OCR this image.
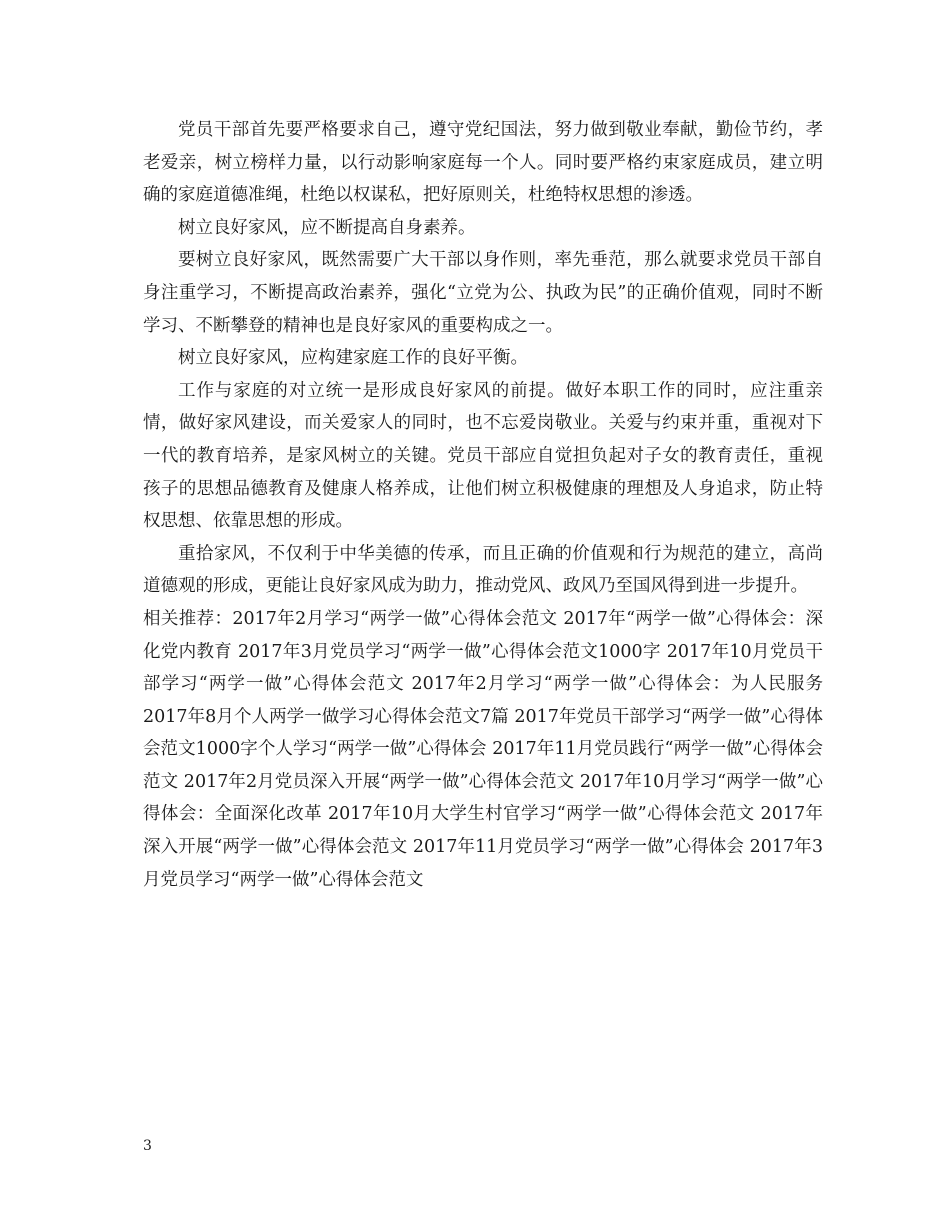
党员干部首先要严格要求自己，遵守党纪国法，努力做到敬业奉献，勤俭节约，孝老爱亲，树立榜样力量，以行动影响家庭每一个人。同时要严格约束家庭成员，建立明确的家庭道德准绳，杜绝以权谋私，把好原则关，杜绝特权思想的渗透。

树立良好家风，应不断提高自身素养。

要树立良好家风，既然需要广大干部以身作则，率先垂范，那么就要求党员干部自身注重学习，不断提高政治素养，强化“立党为公、执政为民”的正确价值观，同时不断学习、不断攀登的精神也是良好家风的重要构成之一。

树立良好家风，应构建家庭工作的良好平衡。

工作与家庭的对立统一是形成良好家风的前提。做好本职工作的同时，应注重亲情，做好家风建设，而关爱家人的同时，也不忘爱岗敬业。关爱与约束并重，重视对下一代的教育培养，是家风树立的关键。党员干部应自觉担负起对子女的教育责任，重视孩子的思想品德教育及健康人格养成，让他们树立积极健康的理想及人身追求，防止特权思想、依靠思想的形成。

重拾家风，不仅利于中华美德的传承，而且正确的价值观和行为规范的建立，高尚道德观的形成，更能让良好家风成为助力，推动党风、政风乃至国风得到进一步提升。

相关推荐：2017年2月学习“两学一做”心得体会范文 2017年“两学一做”心得体会：深化党内教育 2017年3月党员学习“两学一做”心得体会范文1000字 2017年10月党员干部学习“两学一做”心得体会范文 2017年2月学习“两学一做”心得体会：为人民服务 2017年8月个人两学一做学习心得体会范文7篇 2017年党员干部学习“两学一做”心得体会范文1000字个人学习“两学一做”心得体会 2017年11月党员践行“两学一做”心得体会范文 2017年2月党员深入开展“两学一做”心得体会范文 2017年10月学习“两学一做”心得体会：全面深化改革 2017年10月大学生村官学习“两学一做”心得体会范文 2017年深入开展“两学一做”心得体会范文 2017年11月党员学习“两学一做”心得体会 2017年3月党员学习“两学一做”心得体会范文

3
